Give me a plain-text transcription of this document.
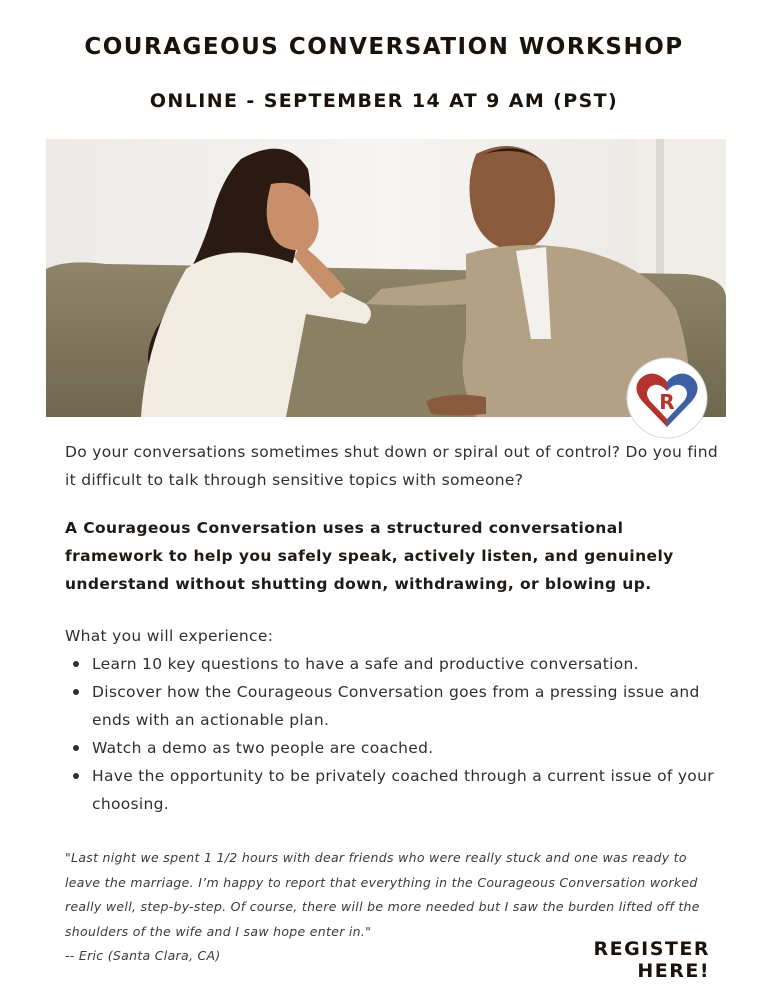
COURAGEOUS CONVERSATION WORKSHOP
ONLINE - SEPTEMBER 14 AT 9 AM (PST)
R

Do your conversations sometimes shut down or spiral out of control? Do you find it difficult to talk through sensitive topics with someone?

A Courageous Conversation uses a structured conversational framework to help you safely speak, actively listen, and genuinely understand without shutting down, withdrawing, or blowing up.

What you will experience:

Learn 10 key questions to have a safe and productive conversation.
Discover how the Courageous Conversation goes from a pressing issue and ends with an actionable plan.
Watch a demo as two people are coached.
Have the opportunity to be privately coached through a current issue of your choosing.

"Last night we spent 1 1/2 hours with dear friends who were really stuck and one was ready to leave the marriage. I’m happy to report that everything in the Courageous Conversation worked really well, step-by-step. Of course, there will be more needed but I saw the burden lifted off the shoulders of the wife and I saw hope enter in."

-- Eric (Santa Clara, CA)	REGISTER HERE!
